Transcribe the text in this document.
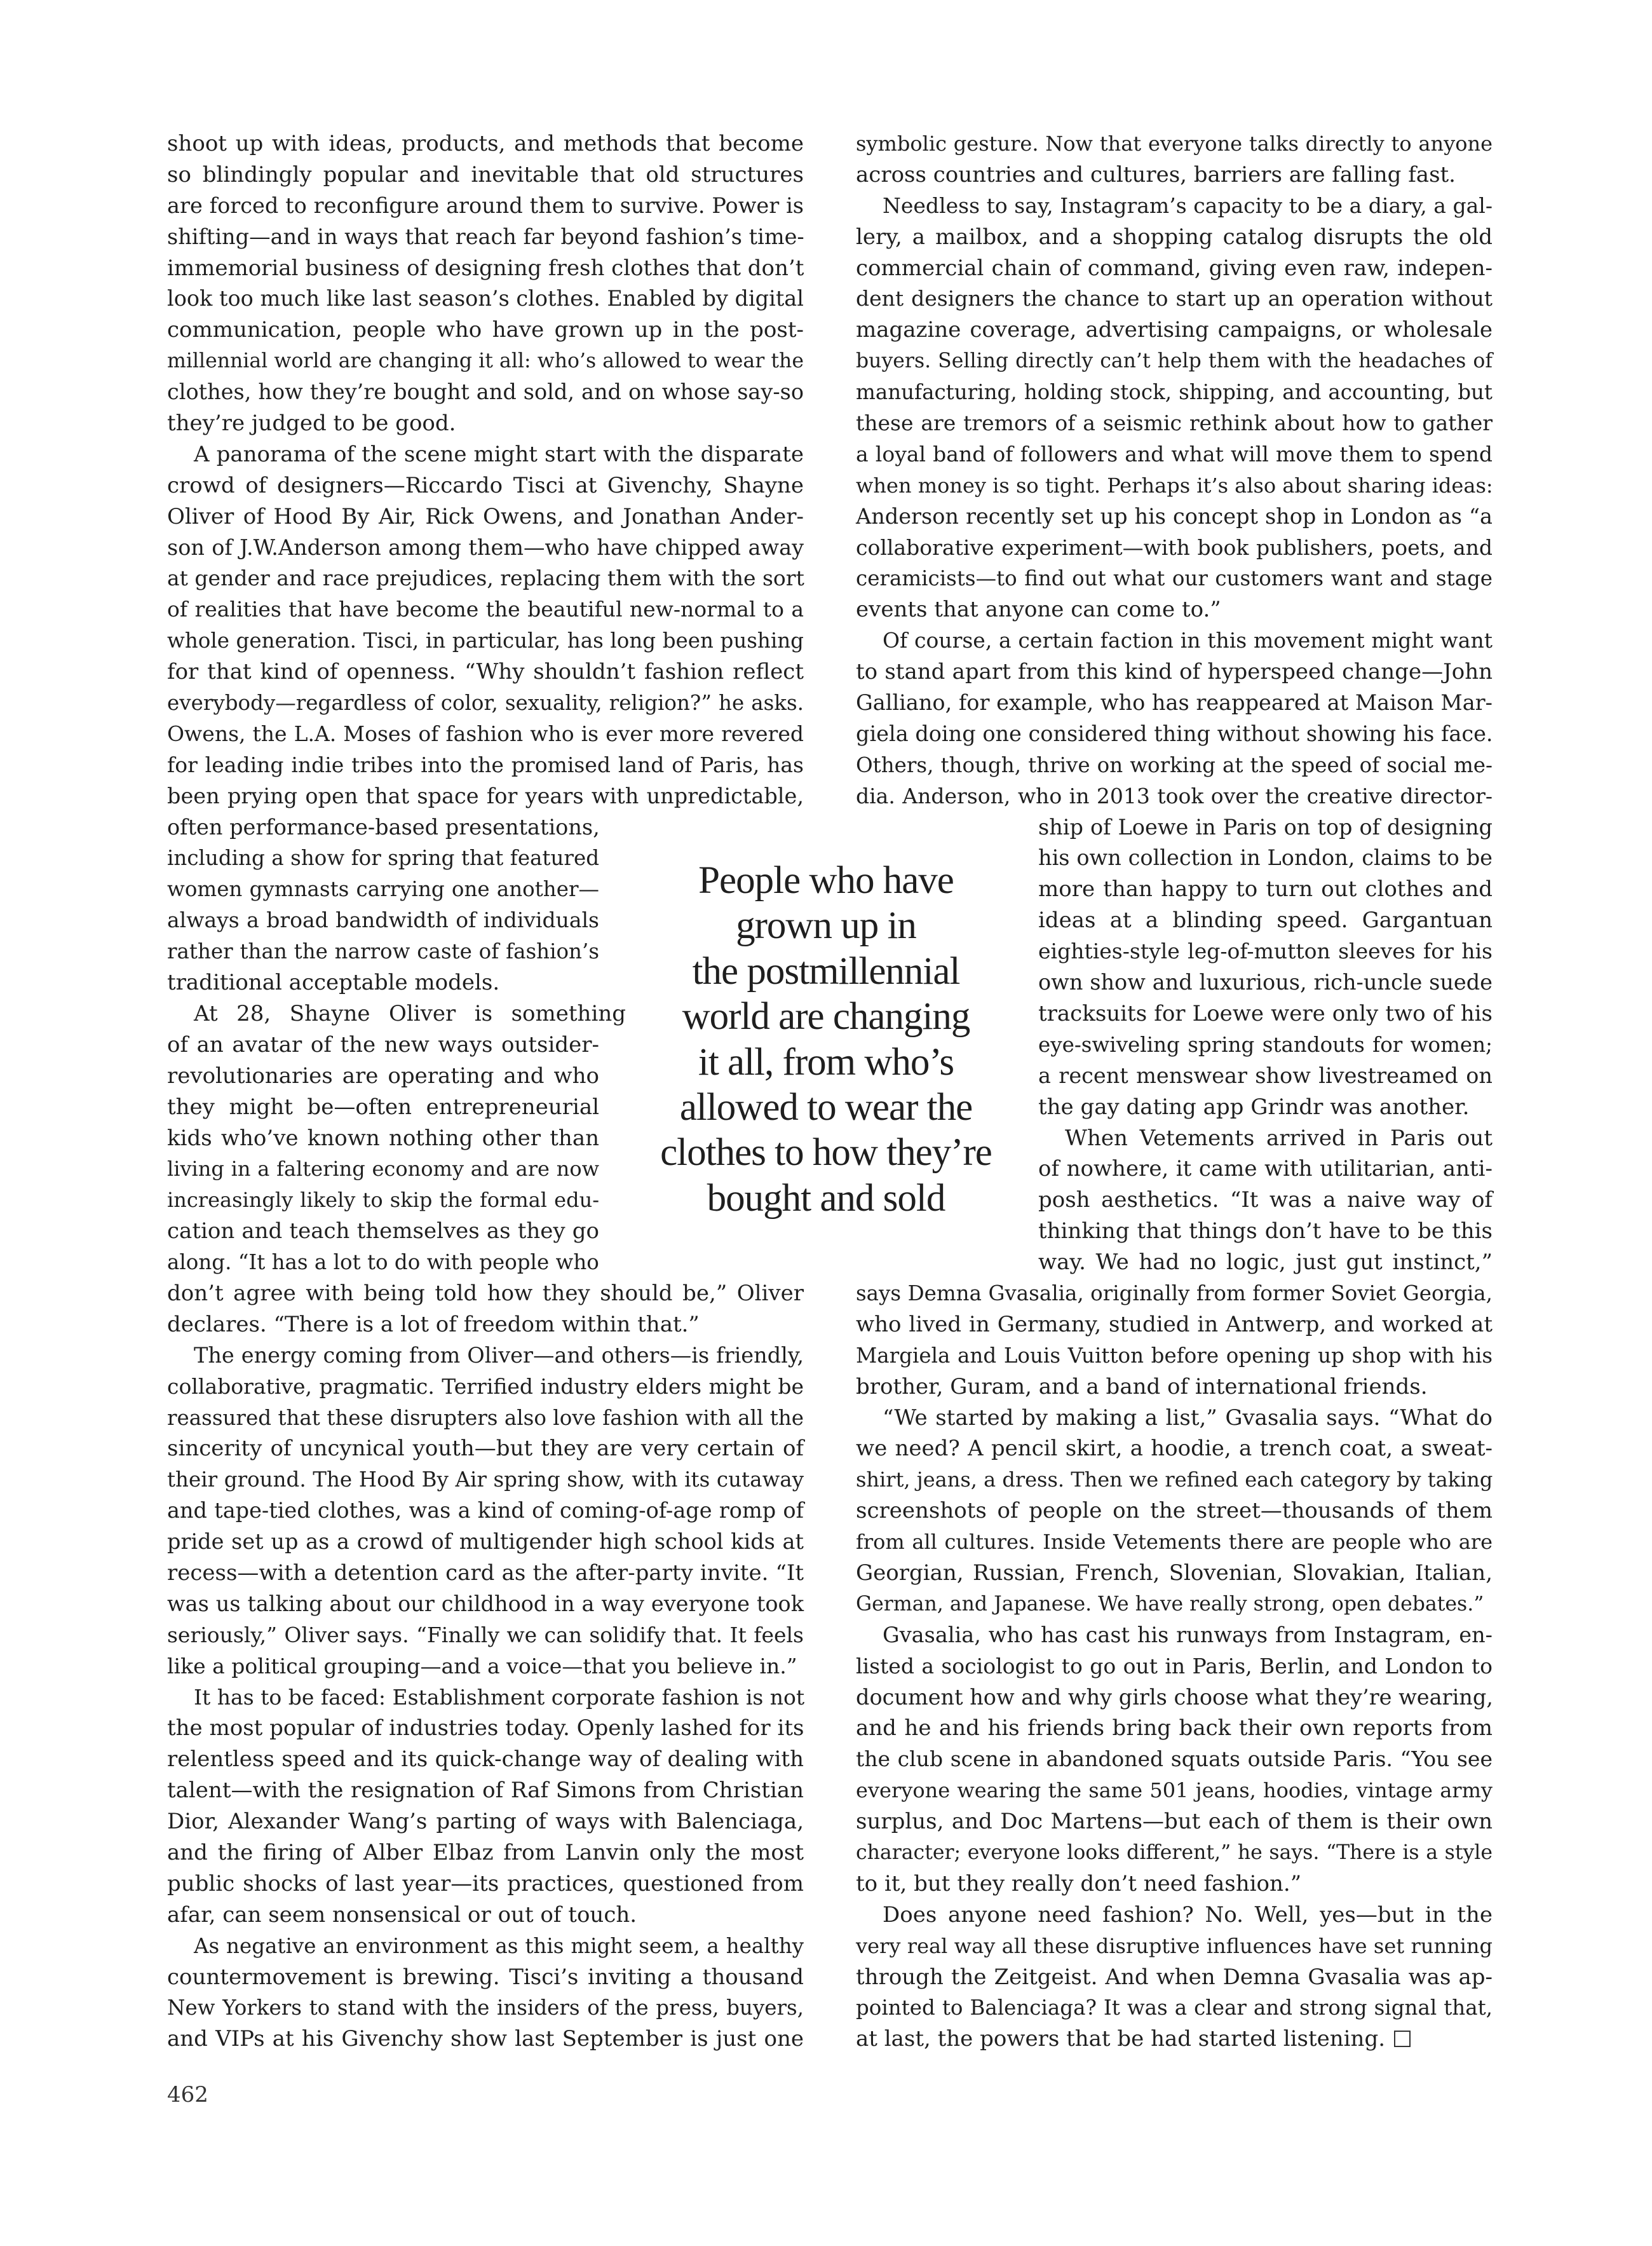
shoot up with ideas, products, and methods that become
so blindingly popular and inevitable that old structures
are forced to reconfigure around them to survive. Power is
shifting—and in ways that reach far beyond fashion’s time-
immemorial business of designing fresh clothes that don’t
look too much like last season’s clothes. Enabled by digital
communication, people who have grown up in the post-
millennial world are changing it all: who’s allowed to wear the
clothes, how they’re bought and sold, and on whose say-so
they’re judged to be good.
A panorama of the scene might start with the disparate
crowd of designers—Riccardo Tisci at Givenchy, Shayne
Oliver of Hood By Air, Rick Owens, and Jonathan Ander-
son of J.W.Anderson among them—who have chipped away
at gender and race prejudices, replacing them with the sort
of realities that have become the beautiful new-normal to a
whole generation. Tisci, in particular, has long been pushing
for that kind of openness. “Why shouldn’t fashion reflect
everybody—regardless of color, sexuality, religion?” he asks.
Owens, the L.A. Moses of fashion who is ever more revered
for leading indie tribes into the promised land of Paris, has
been prying open that space for years with unpredictable,
often performance-based presentations,
including a show for spring that featured
women gymnasts carrying one another—
always a broad bandwidth of individuals
rather than the narrow caste of fashion’s
traditional acceptable models.
At 28, Shayne Oliver is something
of an avatar of the new ways outsider-
revolutionaries are operating and who
they might be—often entrepreneurial
kids who’ve known nothing other than
living in a faltering economy and are now
increasingly likely to skip the formal edu-
cation and teach themselves as they go
along. “It has a lot to do with people who
don’t agree with being told how they should be,” Oliver
declares. “There is a lot of freedom within that.”
The energy coming from Oliver—and others—is friendly,
collaborative, pragmatic. Terrified industry elders might be
reassured that these disrupters also love fashion with all the
sincerity of uncynical youth—but they are very certain of
their ground. The Hood By Air spring show, with its cutaway
and tape-tied clothes, was a kind of coming-of-age romp of
pride set up as a crowd of multigender high school kids at
recess—with a detention card as the after-party invite. “It
was us talking about our childhood in a way everyone took
seriously,” Oliver says. “Finally we can solidify that. It feels
like a political grouping—and a voice—that you believe in.”
It has to be faced: Establishment corporate fashion is not
the most popular of industries today. Openly lashed for its
relentless speed and its quick-change way of dealing with
talent—with the resignation of Raf Simons from Christian
Dior, Alexander Wang’s parting of ways with Balenciaga,
and the firing of Alber Elbaz from Lanvin only the most
public shocks of last year—its practices, questioned from
afar, can seem nonsensical or out of touch.
As negative an environment as this might seem, a healthy
countermovement is brewing. Tisci’s inviting a thousand
New Yorkers to stand with the insiders of the press, buyers,
and VIPs at his Givenchy show last September is just one
symbolic gesture. Now that everyone talks directly to anyone
across countries and cultures, barriers are falling fast.
Needless to say, Instagram’s capacity to be a diary, a gal-
lery, a mailbox, and a shopping catalog disrupts the old
commercial chain of command, giving even raw, indepen-
dent designers the chance to start up an operation without
magazine coverage, advertising campaigns, or wholesale
buyers. Selling directly can’t help them with the headaches of
manufacturing, holding stock, shipping, and accounting, but
these are tremors of a seismic rethink about how to gather
a loyal band of followers and what will move them to spend
when money is so tight. Perhaps it’s also about sharing ideas:
Anderson recently set up his concept shop in London as “a
collaborative experiment—with book publishers, poets, and
ceramicists—to find out what our customers want and stage
events that anyone can come to.”
Of course, a certain faction in this movement might want
to stand apart from this kind of hyperspeed change—John
Galliano, for example, who has reappeared at Maison Mar-
giela doing one considered thing without showing his face.
Others, though, thrive on working at the speed of social me-
dia. Anderson, who in 2013 took over the creative director-
ship of Loewe in Paris on top of designing
his own collection in London, claims to be
more than happy to turn out clothes and
ideas at a blinding speed. Gargantuan
eighties-style leg-of-mutton sleeves for his
own show and luxurious, rich-uncle suede
tracksuits for Loewe were only two of his
eye-swiveling spring standouts for women;
a recent menswear show livestreamed on
the gay dating app Grindr was another.
When Vetements arrived in Paris out
of nowhere, it came with utilitarian, anti-
posh aesthetics. “It was a naive way of
thinking that things don’t have to be this
way. We had no logic, just gut instinct,”
says Demna Gvasalia, originally from former Soviet Georgia,
who lived in Germany, studied in Antwerp, and worked at
Margiela and Louis Vuitton before opening up shop with his
brother, Guram, and a band of international friends.
“We started by making a list,” Gvasalia says. “What do
we need? A pencil skirt, a hoodie, a trench coat, a sweat-
shirt, jeans, a dress. Then we refined each category by taking
screenshots of people on the street—thousands of them
from all cultures. Inside Vetements there are people who are
Georgian, Russian, French, Slovenian, Slovakian, Italian,
German, and Japanese. We have really strong, open debates.”
Gvasalia, who has cast his runways from Instagram, en-
listed a sociologist to go out in Paris, Berlin, and London to
document how and why girls choose what they’re wearing,
and he and his friends bring back their own reports from
the club scene in abandoned squats outside Paris. “You see
everyone wearing the same 501 jeans, hoodies, vintage army
surplus, and Doc Martens—but each of them is their own
character; everyone looks different,” he says. “There is a style
to it, but they really don’t need fashion.”
Does anyone need fashion? No. Well, yes—but in the
very real way all these disruptive influences have set running
through the Zeitgeist. And when Demna Gvasalia was ap-
pointed to Balenciaga? It was a clear and strong signal that,
at last, the powers that be had started listening.
People who have
grown up in
the postmillennial
world are changing
it all, from who’s
allowed to wear the
clothes to how they’re
bought and sold
462
